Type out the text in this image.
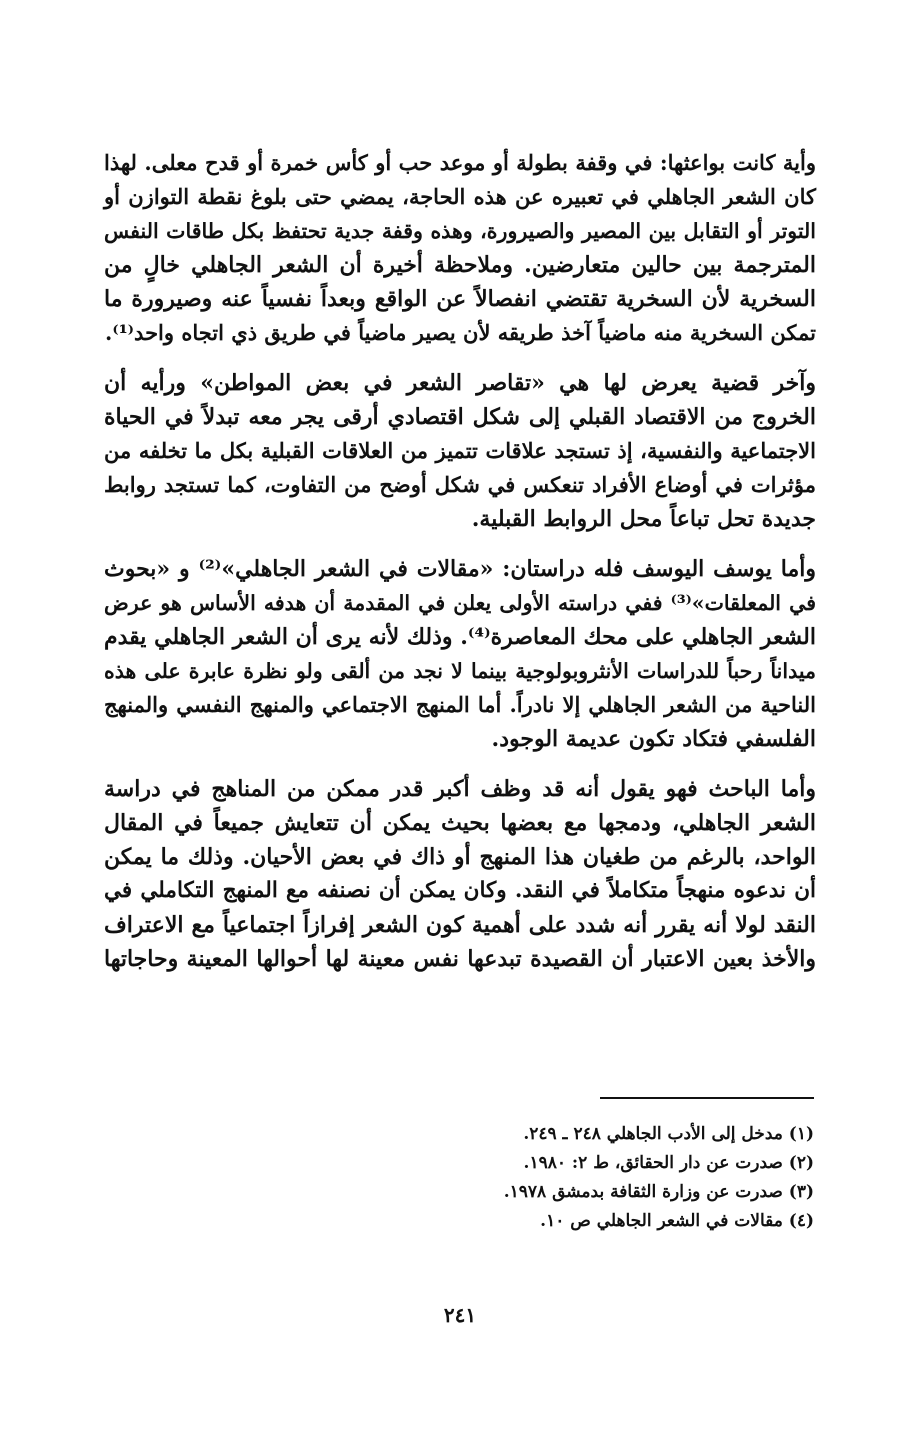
وأية كانت بواعثها: في وقفة بطولة أو موعد حب أو كأس خمرة أو قدح معلى. لهذا
كان الشعر الجاهلي في تعبيره عن هذه الحاجة، يمضي حتى بلوغ نقطة التوازن أو
التوتر أو التقابل بين المصير والصيرورة، وهذه وقفة جدية تحتفظ بكل طاقات النفس
المترجمة بين حالين متعارضين. وملاحظة أخيرة أن الشعر الجاهلي خالٍ من
السخرية لأن السخرية تقتضي انفصالاً عن الواقع وبعداً نفسياً عنه وصيرورة ما
تمكن السخرية منه ماضياً آخذ طريقه لأن يصير ماضياً في طريق ذي اتجاه واحد⁽¹⁾.
وآخر قضية يعرض لها هي «تقاصر الشعر في بعض المواطن» ورأيه أن
الخروج من الاقتصاد القبلي إلى شكل اقتصادي أرقى يجر معه تبدلاً في الحياة
الاجتماعية والنفسية، إذ تستجد علاقات تتميز من العلاقات القبلية بكل ما تخلفه من
مؤثرات في أوضاع الأفراد تنعكس في شكل أوضح من التفاوت، كما تستجد روابط
جديدة تحل تباعاً محل الروابط القبلية.
وأما يوسف اليوسف فله دراستان: «مقالات في الشعر الجاهلي»⁽²⁾ و «بحوث
في المعلقات»⁽³⁾ ففي دراسته الأولى يعلن في المقدمة أن هدفه الأساس هو عرض
الشعر الجاهلي على محك المعاصرة⁽⁴⁾. وذلك لأنه يرى أن الشعر الجاهلي يقدم
ميداناً رحباً للدراسات الأنثروبولوجية بينما لا نجد من ألقى ولو نظرة عابرة على هذه
الناحية من الشعر الجاهلي إلا نادراً. أما المنهج الاجتماعي والمنهج النفسي والمنهج
الفلسفي فتكاد تكون عديمة الوجود.
وأما الباحث فهو يقول أنه قد وظف أكبر قدر ممكن من المناهج في دراسة
الشعر الجاهلي، ودمجها مع بعضها بحيث يمكن أن تتعايش جميعاً في المقال
الواحد، بالرغم من طغيان هذا المنهج أو ذاك في بعض الأحيان. وذلك ما يمكن
أن ندعوه منهجاً متكاملاً في النقد. وكان يمكن أن نصنفه مع المنهج التكاملي في
النقد لولا أنه يقرر أنه شدد على أهمية كون الشعر إفرازاً اجتماعياً مع الاعتراف
والأخذ بعين الاعتبار أن القصيدة تبدعها نفس معينة لها أحوالها المعينة وحاجاتها
(١) مدخل إلى الأدب الجاهلي ٢٤٨ ـ ٢٤٩.
(٢) صدرت عن دار الحقائق، ط ٢: ١٩٨٠.
(٣) صدرت عن وزارة الثقافة بدمشق ١٩٧٨.
(٤) مقالات في الشعر الجاهلي ص ١٠.
٢٤١
